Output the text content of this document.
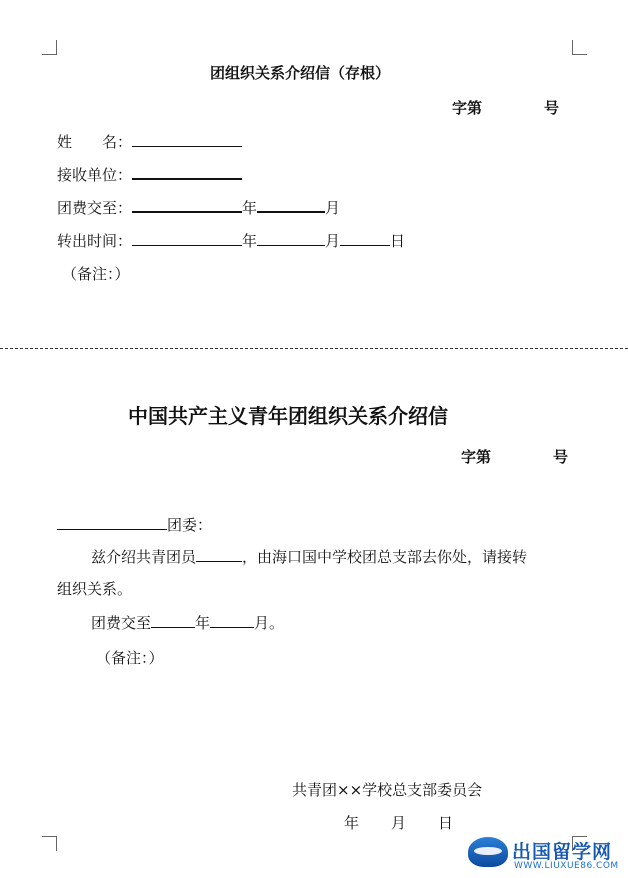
团组织关系介绍信（存根）
字第	号
姓　　名：
接收单位：
团费交至：	年	月
转出时间：	年	月	日
（备注：）
中国共产主义青年团组织关系介绍信
字第	号
团委：
兹介绍共青团员	，由海口国中学校团总支部去你处，请接转
组织关系。
团费交至	年	月。
（备注：）
共青团××学校总支部委员会
年 月 日
出国留学网
WWW.LIUXUE86.COM
